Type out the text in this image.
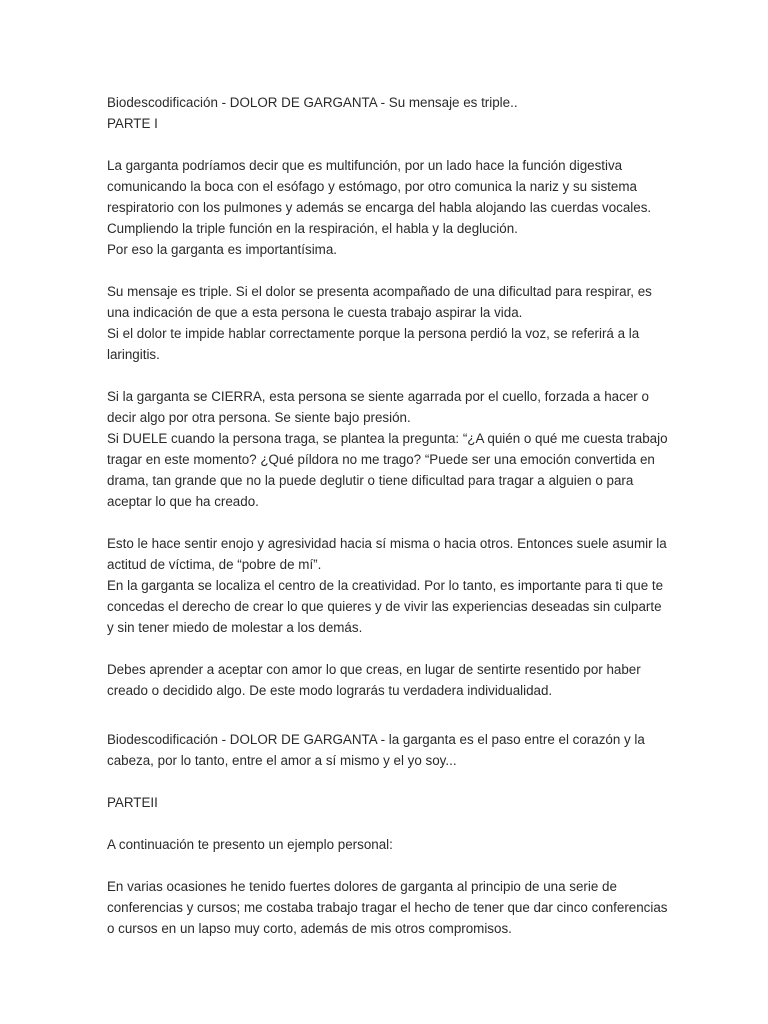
Biodescodificación - DOLOR DE GARGANTA - Su mensaje es triple..
PARTE I
La garganta podríamos decir que es multifunción, por un lado hace la función digestiva
comunicando la boca con el esófago y estómago, por otro comunica la nariz y su sistema
respiratorio con los pulmones y además se encarga del habla alojando las cuerdas vocales.
Cumpliendo la triple función en la respiración, el habla y la deglución.
Por eso la garganta es importantísima.
Su mensaje es triple. Si el dolor se presenta acompañado de una dificultad para respirar, es
una indicación de que a esta persona le cuesta trabajo aspirar la vida.
Si el dolor te impide hablar correctamente porque la persona perdió la voz, se referirá a la
laringitis.
Si la garganta se CIERRA, esta persona se siente agarrada por el cuello, forzada a hacer o
decir algo por otra persona. Se siente bajo presión.
Si DUELE cuando la persona traga, se plantea la pregunta: “¿A quién o qué me cuesta trabajo
tragar en este momento? ¿Qué píldora no me trago? “Puede ser una emoción convertida en
drama, tan grande que no la puede deglutir o tiene dificultad para tragar a alguien o para
aceptar lo que ha creado.
Esto le hace sentir enojo y agresividad hacia sí misma o hacia otros. Entonces suele asumir la
actitud de víctima, de “pobre de mí”.
En la garganta se localiza el centro de la creatividad. Por lo tanto, es importante para ti que te
concedas el derecho de crear lo que quieres y de vivir las experiencias deseadas sin culparte
y sin tener miedo de molestar a los demás.
Debes aprender a aceptar con amor lo que creas, en lugar de sentirte resentido por haber
creado o decidido algo. De este modo lograrás tu verdadera individualidad.
Biodescodificación - DOLOR DE GARGANTA - la garganta es el paso entre el corazón y la
cabeza, por lo tanto, entre el amor a sí mismo y el yo soy...
PARTEII
A continuación te presento un ejemplo personal:
En varias ocasiones he tenido fuertes dolores de garganta al principio de una serie de
conferencias y cursos; me costaba trabajo tragar el hecho de tener que dar cinco conferencias
o cursos en un lapso muy corto, además de mis otros compromisos.
